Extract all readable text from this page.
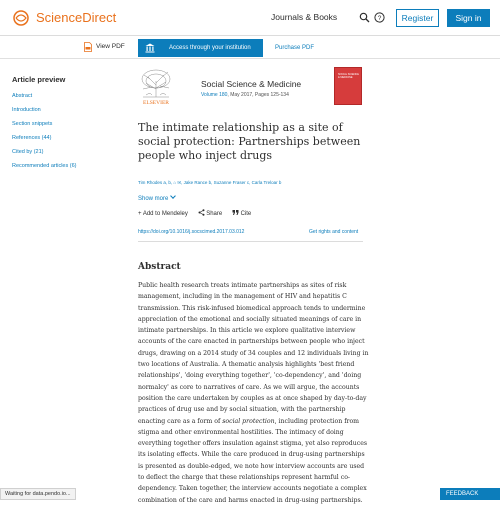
ScienceDirect	Journals & Books	?	Register	Sign in
View PDF	Access through your institution	Purchase PDF
Article preview
Abstract
Introduction
Section snippets
References (44)
Cited by (21)
Recommended articles (6)
ELSEVIER
Social Science & Medicine
Volume 180, May 2017, Pages 125-134
SOCIAL SCIENCE & MEDICINE
The intimate relationship as a site of social protection: Partnerships between people who inject drugs
Tim Rhodes a, b, ⌂ ✉, Jake Rance b, Suzanne Fraser c, Carla Treloar b
Show more
+ Add to Mendeley	Share	Cite
https://doi.org/10.1016/j.socscimed.2017.03.012	Get rights and content
Abstract
Public health research treats intimate partnerships as sites of risk management, including in the management of HIV and hepatitis C transmission. This risk-infused biomedical approach tends to undermine appreciation of the emotional and socially situated meanings of care in intimate partnerships. In this article we explore qualitative interview accounts of the care enacted in partnerships between people who inject drugs, drawing on a 2014 study of 34 couples and 12 individuals living in two locations of Australia. A thematic analysis highlights 'best friend relationships', 'doing everything together', 'co-dependency', and 'doing normalcy' as core to narratives of care. As we will argue, the accounts position the care undertaken by couples as at once shaped by day-to-day practices of drug use and by social situation, with the partnership enacting care as a form of social protection, including protection from stigma and other environmental hostilities. The intimacy of doing everything together offers insulation against stigma, yet also reproduces its isolating effects. While the care produced in drug-using partnerships is presented as double-edged, we note how interview accounts are used to deflect the charge that these relationships represent harmful co-dependency. Taken together, the interview accounts negotiate a complex combination of the care and harms enacted in drug-using partnerships.
Waiting for data.pendo.io...	FEEDBACK
